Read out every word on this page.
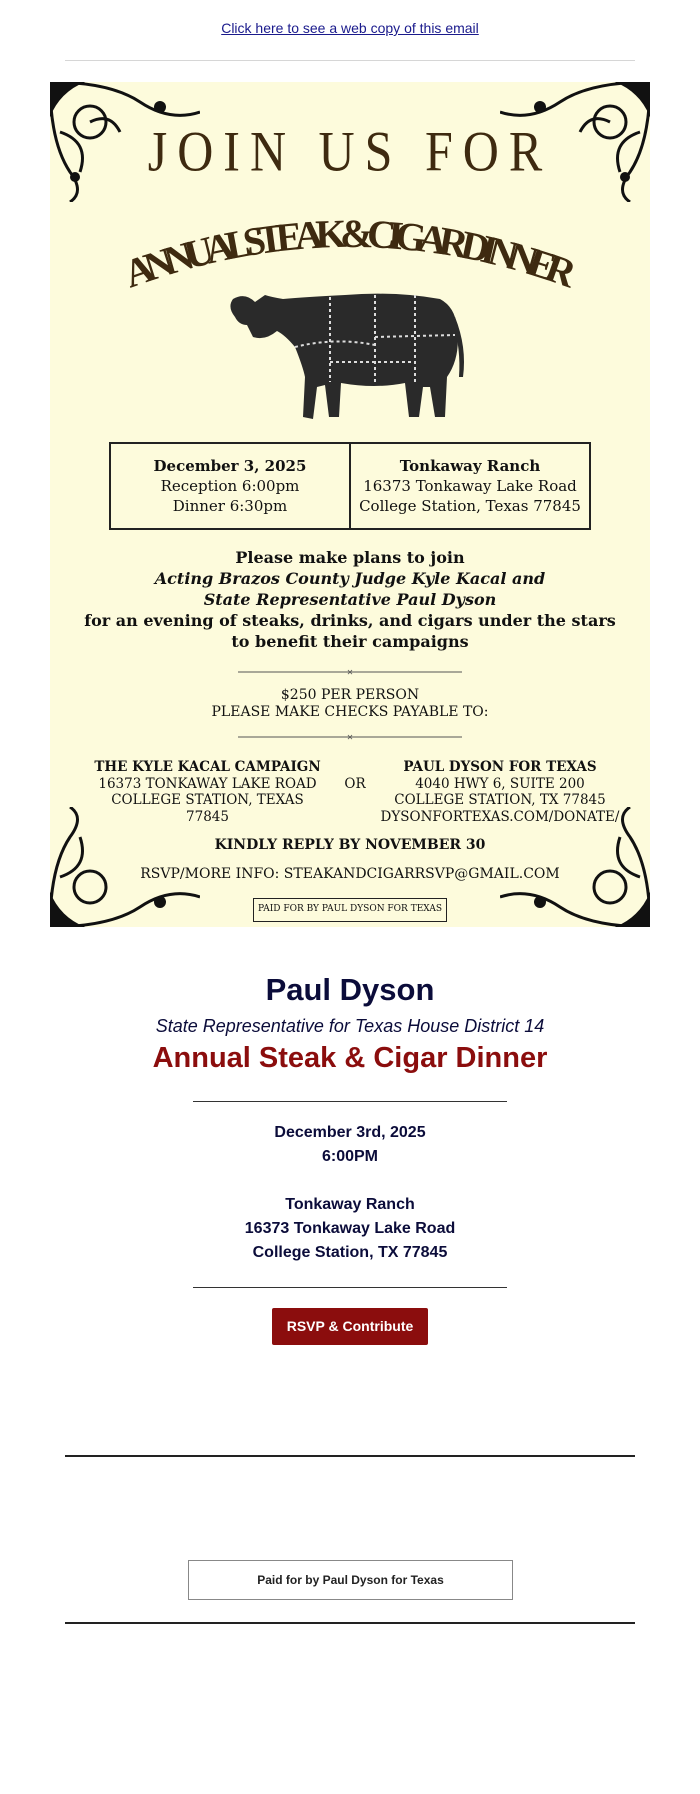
Click here to see a web copy of this email
JOIN US FOR
ANNUAL STEAK & CIGAR DINNER
December 3, 2025
Reception 6:00pm
Dinner 6:30pm
Tonkaway Ranch
16373 Tonkaway Lake Road
College Station, Texas 77845
Please make plans to join
Acting Brazos County Judge Kyle Kacal and
State Representative Paul Dyson
for an evening of steaks, drinks, and cigars under the stars
to benefit their campaigns
✕
$250 PER PERSON
PLEASE MAKE CHECKS PAYABLE TO:
✕
THE KYLE KACAL CAMPAIGN
16373 TONKAWAY LAKE ROAD
COLLEGE STATION, TEXAS 77845
OR
PAUL DYSON FOR TEXAS
4040 HWY 6, SUITE 200
COLLEGE STATION, TX 77845
DYSONFORTEXAS.COM/DONATE/
KINDLY REPLY BY NOVEMBER 30
RSVP/MORE INFO: STEAKANDCIGARRSVP@GMAIL.COM
PAID FOR BY PAUL DYSON FOR TEXAS
Paul Dyson
State Representative for Texas House District 14
Annual Steak & Cigar Dinner
December 3rd, 2025
6:00PM
Tonkaway Ranch
16373 Tonkaway Lake Road
College Station, TX 77845
RSVP & Contribute
Paid for by Paul Dyson for Texas
